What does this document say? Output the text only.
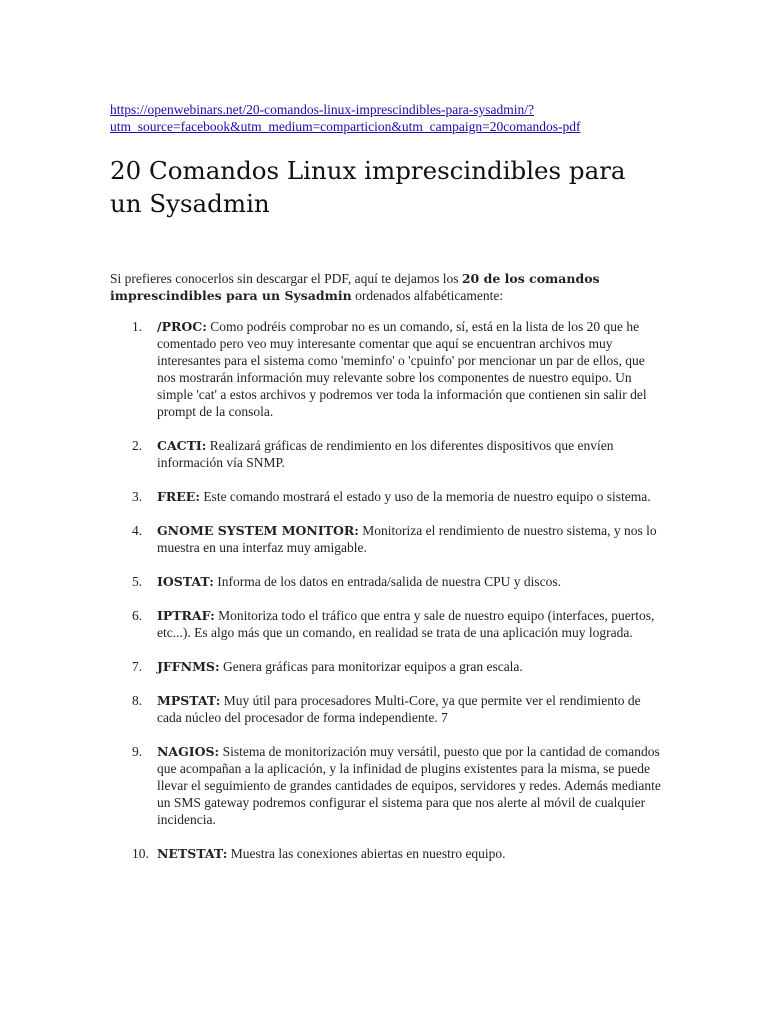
https://openwebinars.net/20-comandos-linux-imprescindibles-para-sysadmin/?
utm_source=facebook&utm_medium=comparticion&utm_campaign=20comandos-pdf
20 Comandos Linux imprescindibles para un Sysadmin

Si prefieres conocerlos sin descargar el PDF, aquí te dejamos los 20 de los comandos imprescindibles para un Sysadmin ordenados alfabéticamente:

1. /PROC: Como podréis comprobar no es un comando, sí, está en la lista de los 20 que he comentado pero veo muy interesante comentar que aquí se encuentran archivos muy interesantes para el sistema como 'meminfo' o 'cpuinfo' por mencionar un par de ellos, que nos mostrarán información muy relevante sobre los componentes de nuestro equipo. Un simple 'cat' a estos archivos y podremos ver toda la información que contienen sin salir del prompt de la consola.
2. CACTI: Realizará gráficas de rendimiento en los diferentes dispositivos que envíen información vía SNMP.
3. FREE: Este comando mostrará el estado y uso de la memoria de nuestro equipo o sistema.
4. GNOME SYSTEM MONITOR: Monitoriza el rendimiento de nuestro sistema, y nos lo muestra en una interfaz muy amigable.
5. IOSTAT: Informa de los datos en entrada/salida de nuestra CPU y discos.
6. IPTRAF: Monitoriza todo el tráfico que entra y sale de nuestro equipo (interfaces, puertos, etc...). Es algo más que un comando, en realidad se trata de una aplicación muy lograda.
7. JFFNMS: Genera gráficas para monitorizar equipos a gran escala.
8. MPSTAT: Muy útil para procesadores Multi-Core, ya que permite ver el rendimiento de cada núcleo del procesador de forma independiente. 7
9. NAGIOS: Sistema de monitorización muy versátil, puesto que por la cantidad de comandos que acompañan a la aplicación, y la infinidad de plugins existentes para la misma, se puede llevar el seguimiento de grandes cantidades de equipos, servidores y redes. Además mediante un SMS gateway podremos configurar el sistema para que nos alerte al móvil de cualquier incidencia.
10. NETSTAT: Muestra las conexiones abiertas en nuestro equipo.
